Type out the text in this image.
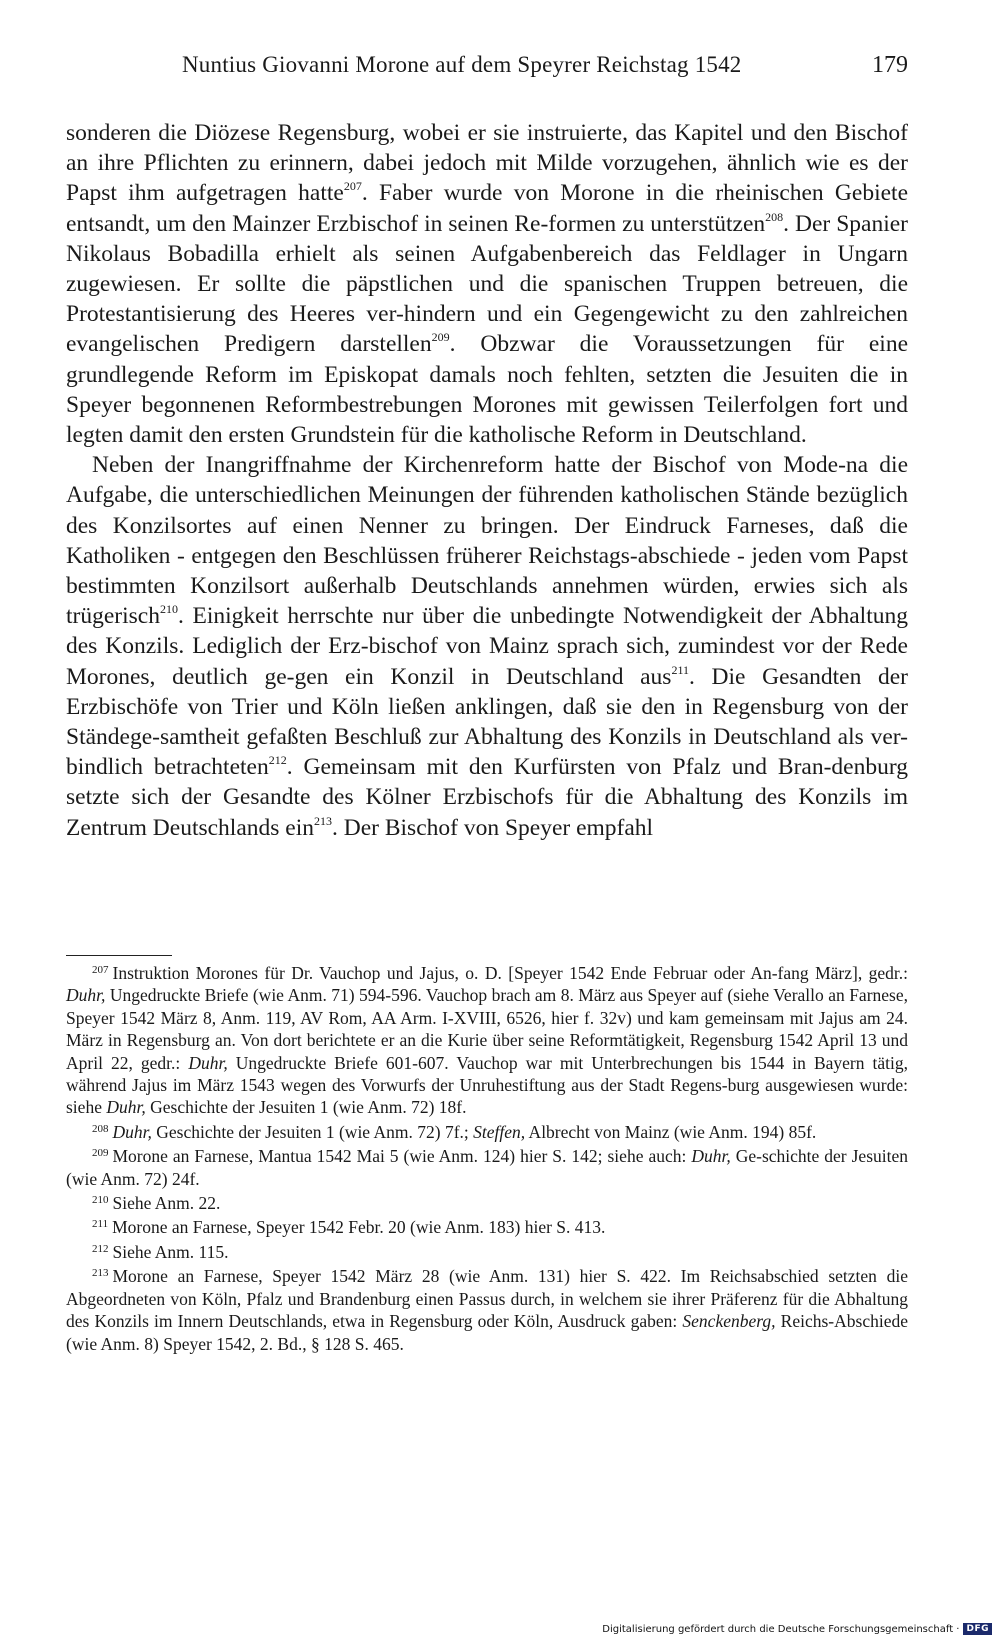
Nuntius Giovanni Morone auf dem Speyrer Reichstag 1542	179

sonderen die Diözese Regensburg, wobei er sie instruierte, das Kapitel und den Bischof an ihre Pflichten zu erinnern, dabei jedoch mit Milde vorzugehen, ähnlich wie es der Papst ihm aufgetragen hatte$^{207}$. Faber wurde von Morone in die rheinischen Gebiete entsandt, um den Mainzer Erzbischof in seinen Re-formen zu unterstützen$^{208}$. Der Spanier Nikolaus Bobadilla erhielt als seinen Aufgabenbereich das Feldlager in Ungarn zugewiesen. Er sollte die päpstlichen und die spanischen Truppen betreuen, die Protestantisierung des Heeres ver-hindern und ein Gegengewicht zu den zahlreichen evangelischen Predigern darstellen$^{209}$. Obzwar die Voraussetzungen für eine grundlegende Reform im Episkopat damals noch fehlten, setzten die Jesuiten die in Speyer begonnenen Reformbestrebungen Morones mit gewissen Teilerfolgen fort und legten damit den ersten Grundstein für die katholische Reform in Deutschland.

Neben der Inangriffnahme der Kirchenreform hatte der Bischof von Mode-na die Aufgabe, die unterschiedlichen Meinungen der führenden katholischen Stände bezüglich des Konzilsortes auf einen Nenner zu bringen. Der Eindruck Farneses, daß die Katholiken - entgegen den Beschlüssen früherer Reichstags-abschiede - jeden vom Papst bestimmten Konzilsort außerhalb Deutschlands annehmen würden, erwies sich als trügerisch$^{210}$. Einigkeit herrschte nur über die unbedingte Notwendigkeit der Abhaltung des Konzils. Lediglich der Erz-bischof von Mainz sprach sich, zumindest vor der Rede Morones, deutlich ge-gen ein Konzil in Deutschland aus$^{211}$. Die Gesandten der Erzbischöfe von Trier und Köln ließen anklingen, daß sie den in Regensburg von der Ständege-samtheit gefaßten Beschluß zur Abhaltung des Konzils in Deutschland als ver-bindlich betrachteten$^{212}$. Gemeinsam mit den Kurfürsten von Pfalz und Bran-denburg setzte sich der Gesandte des Kölner Erzbischofs für die Abhaltung des Konzils im Zentrum Deutschlands ein$^{213}$. Der Bischof von Speyer empfahl

$^{207}$ Instruktion Morones für Dr. Vauchop und Jajus, o. D. [Speyer 1542 Ende Februar oder An-fang März], gedr.: Duhr, Ungedruckte Briefe (wie Anm. 71) 594-596. Vauchop brach am 8. März aus Speyer auf (siehe Verallo an Farnese, Speyer 1542 März 8, Anm. 119, AV Rom, AA Arm. I-XVIII, 6526, hier f. 32v) und kam gemeinsam mit Jajus am 24. März in Regensburg an. Von dort berichtete er an die Kurie über seine Reformtätigkeit, Regensburg 1542 April 13 und April 22, gedr.: Duhr, Ungedruckte Briefe 601-607. Vauchop war mit Unterbrechungen bis 1544 in Bayern tätig, während Jajus im März 1543 wegen des Vorwurfs der Unruhestiftung aus der Stadt Regens-burg ausgewiesen wurde: siehe Duhr, Geschichte der Jesuiten 1 (wie Anm. 72) 18f.

$^{208}$ Duhr, Geschichte der Jesuiten 1 (wie Anm. 72) 7f.; Steffen, Albrecht von Mainz (wie Anm. 194) 85f.

$^{209}$ Morone an Farnese, Mantua 1542 Mai 5 (wie Anm. 124) hier S. 142; siehe auch: Duhr, Ge-schichte der Jesuiten (wie Anm. 72) 24f.

$^{210}$ Siehe Anm. 22.

$^{211}$ Morone an Farnese, Speyer 1542 Febr. 20 (wie Anm. 183) hier S. 413.

$^{212}$ Siehe Anm. 115.

$^{213}$ Morone an Farnese, Speyer 1542 März 28 (wie Anm. 131) hier S. 422. Im Reichsabschied setzten die Abgeordneten von Köln, Pfalz und Brandenburg einen Passus durch, in welchem sie ihrer Präferenz für die Abhaltung des Konzils im Innern Deutschlands, etwa in Regensburg oder Köln, Ausdruck gaben: Senckenberg, Reichs-Abschiede (wie Anm. 8) Speyer 1542, 2. Bd., § 128 S. 465.

Digitalisierung gefördert durch die Deutsche Forschungsgemeinschaft · DFG
